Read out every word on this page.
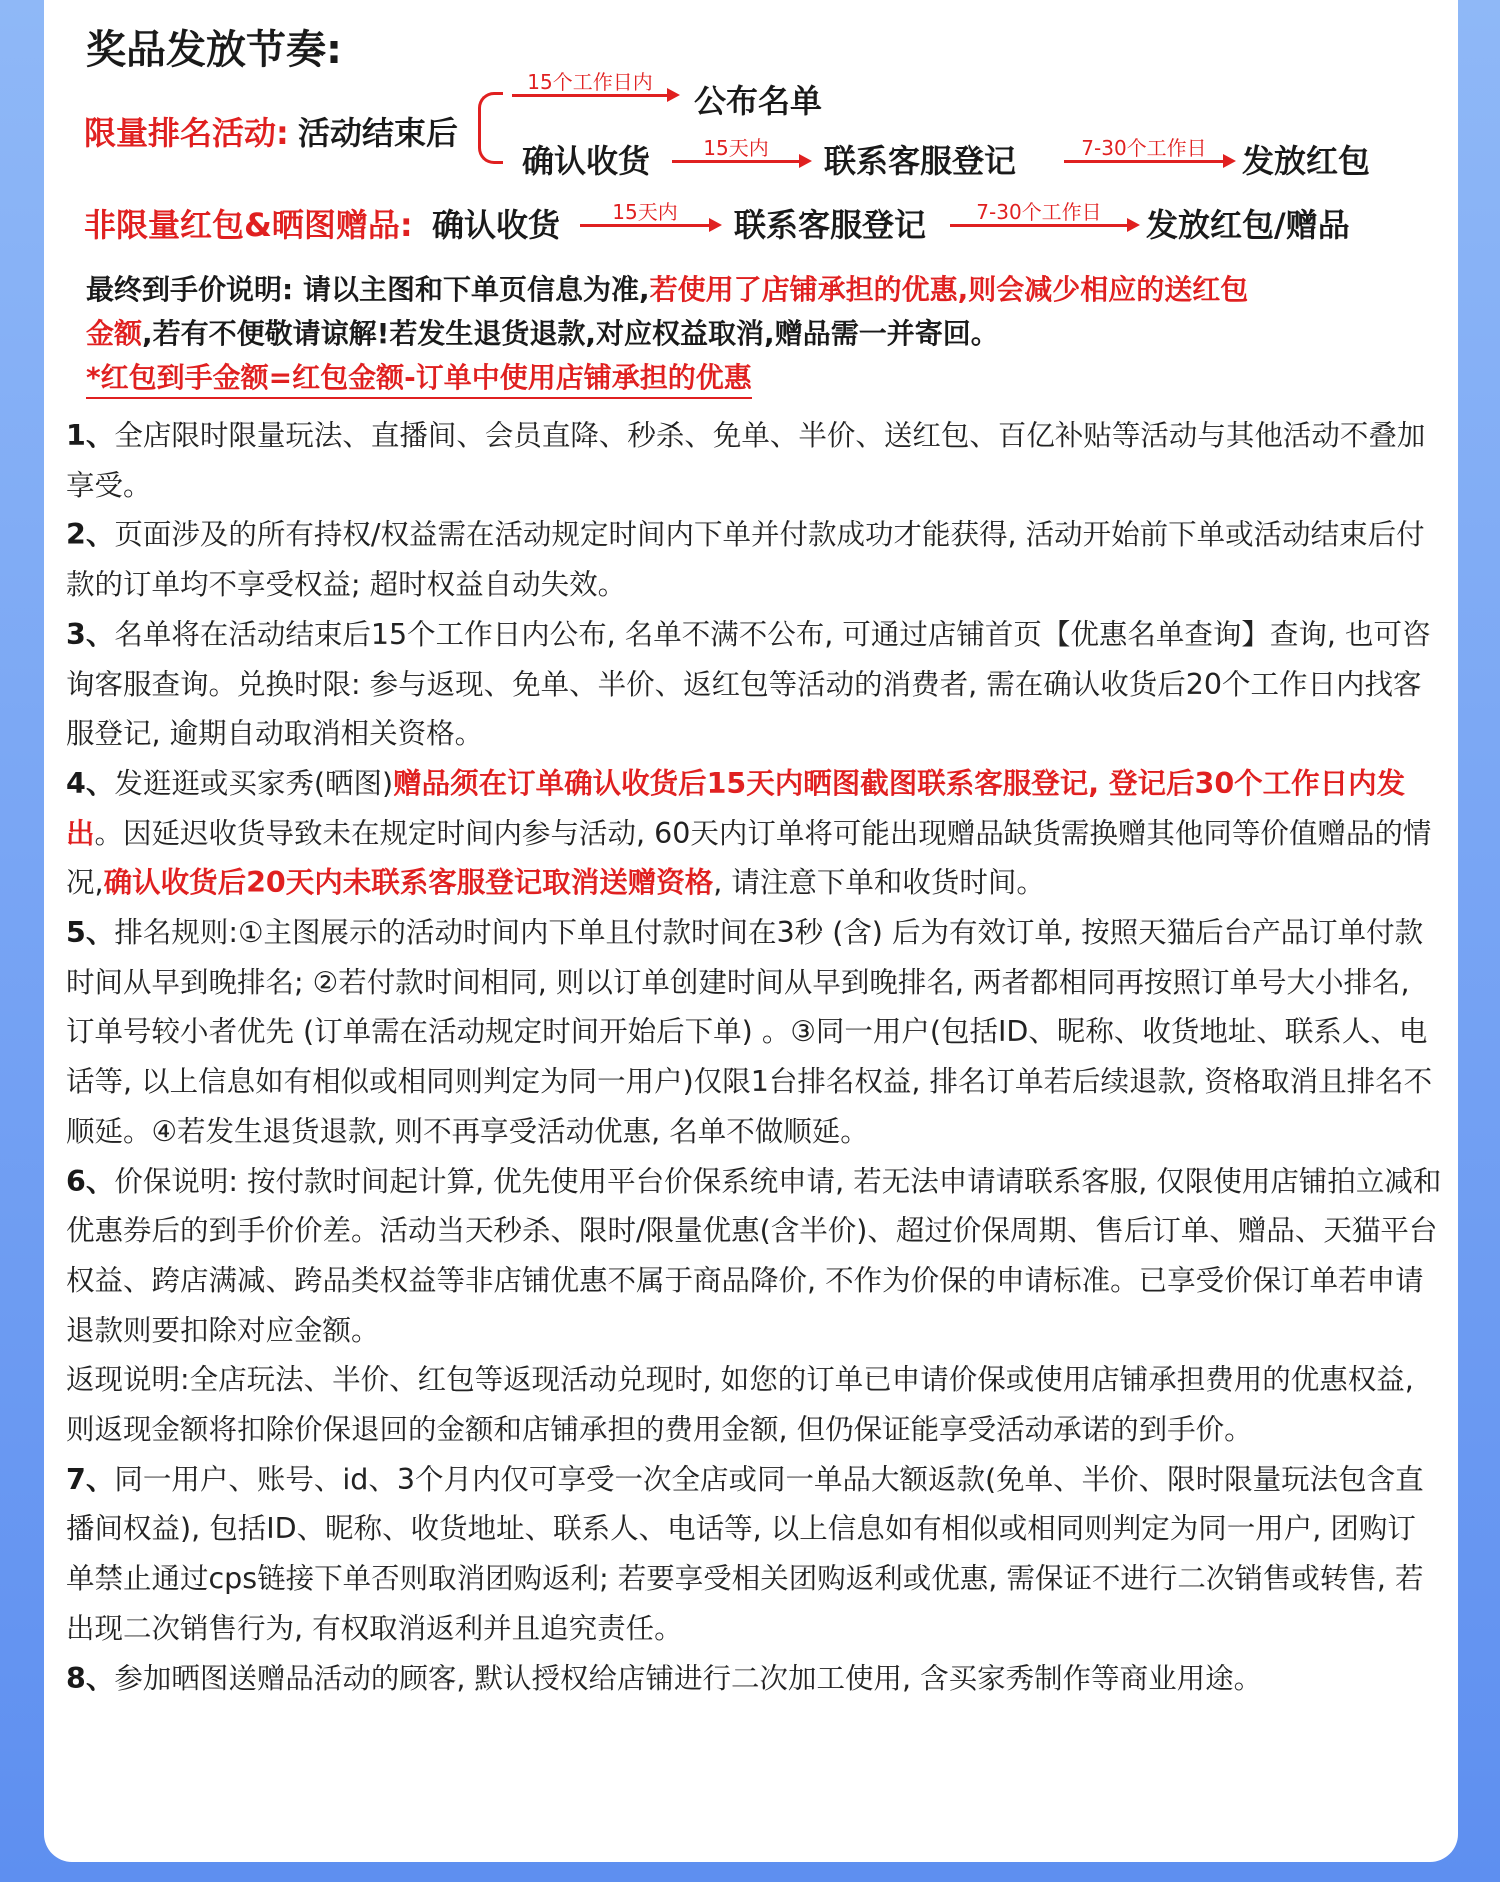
奖品发放节奏:
限量排名活动: 活动结束后
15个工作日内	公布名单
确认收货	15天内	联系客服登记	7-30个工作日	发放红包
非限量红包&晒图赠品: 确认收货	15天内	联系客服登记	7-30个工作日	发放红包/赠品
最终到手价说明: 请以主图和下单页信息为准,若使用了店铺承担的优惠,则会减少相应的送红包
金额,若有不便敬请谅解!若发生退货退款,对应权益取消,赠品需一并寄回。
*红包到手金额=红包金额-订单中使用店铺承担的优惠

1、全店限时限量玩法、直播间、会员直降、秒杀、免单、半价、送红包、百亿补贴等活动与其他活动不叠加享受。

2、页面涉及的所有持权/权益需在活动规定时间内下单并付款成功才能获得, 活动开始前下单或活动结束后付款的订单均不享受权益; 超时权益自动失效。

3、名单将在活动结束后15个工作日内公布, 名单不满不公布, 可通过店铺首页【优惠名单查询】查询, 也可咨询客服查询。兑换时限: 参与返现、免单、半价、返红包等活动的消费者, 需在确认收货后20个工作日内找客服登记, 逾期自动取消相关资格。

4、发逛逛或买家秀(晒图)赠品须在订单确认收货后15天内晒图截图联系客服登记, 登记后30个工作日内发出。因延迟收货导致未在规定时间内参与活动, 60天内订单将可能出现赠品缺货需换赠其他同等价值赠品的情况,确认收货后20天内未联系客服登记取消送赠资格, 请注意下单和收货时间。

5、排名规则:①主图展示的活动时间内下单且付款时间在3秒 (含) 后为有效订单, 按照天猫后台产品订单付款时间从早到晚排名; ②若付款时间相同, 则以订单创建时间从早到晚排名, 两者都相同再按照订单号大小排名, 订单号较小者优先 (订单需在活动规定时间开始后下单) 。③同一用户(包括ID、昵称、收货地址、联系人、电话等, 以上信息如有相似或相同则判定为同一用户)仅限1台排名权益, 排名订单若后续退款, 资格取消且排名不顺延。④若发生退货退款, 则不再享受活动优惠, 名单不做顺延。

6、价保说明: 按付款时间起计算, 优先使用平台价保系统申请, 若无法申请请联系客服, 仅限使用店铺拍立减和优惠券后的到手价价差。活动当天秒杀、限时/限量优惠(含半价)、超过价保周期、售后订单、赠品、天猫平台权益、跨店满减、跨品类权益等非店铺优惠不属于商品降价, 不作为价保的申请标准。已享受价保订单若申请退款则要扣除对应金额。

返现说明:全店玩法、半价、红包等返现活动兑现时, 如您的订单已申请价保或使用店铺承担费用的优惠权益, 则返现金额将扣除价保退回的金额和店铺承担的费用金额, 但仍保证能享受活动承诺的到手价。

7、同一用户、账号、id、3个月内仅可享受一次全店或同一单品大额返款(免单、半价、限时限量玩法包含直播间权益), 包括ID、昵称、收货地址、联系人、电话等, 以上信息如有相似或相同则判定为同一用户, 团购订单禁止通过cps链接下单否则取消团购返利; 若要享受相关团购返利或优惠, 需保证不进行二次销售或转售, 若出现二次销售行为, 有权取消返利并且追究责任。

8、参加晒图送赠品活动的顾客, 默认授权给店铺进行二次加工使用, 含买家秀制作等商业用途。
